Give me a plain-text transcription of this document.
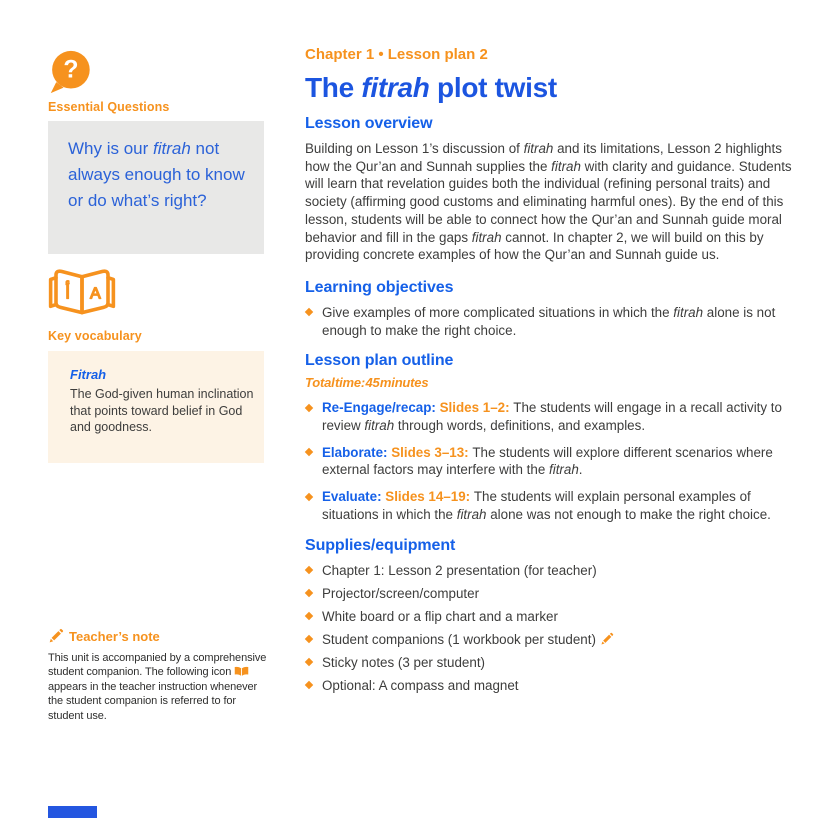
?
Essential Questions

Why is our fitrah not always enough to know or do what’s right?

أ A
Key vocabulary
Fitrah

The God-given human inclination that points toward belief in God and goodness.

Teacher’s note

This unit is accompanied by a comprehensive student companion. The following icon  appears in the teacher instruction whenever the student companion is referred to for student use.

Chapter 1 • Lesson plan 2
The fitrah plot twist
Lesson overview

Building on Lesson 1’s discussion of fitrah and its limitations, Lesson 2 highlights how the Qur’an and Sunnah supplies the fitrah with clarity and guidance. Students will learn that revelation guides both the individual (refining personal traits) and society (affirming good customs and eliminating harmful ones). By the end of this lesson, students will be able to connect how the Qur’an and Sunnah guide moral behavior and fill in the gaps fitrah cannot. In chapter 2, we will build on this by providing concrete examples of how the Qur’an and Sunnah guide us.

Learning objectives
Give examples of more complicated situations in which the fitrah alone is not enough to make the right choice.
Lesson plan outline
Total time: 45 minutes
Re-Engage/recap: Slides 1–2: The students will engage in a recall activity to review fitrah through words, definitions, and examples.
Elaborate: Slides 3–13: The students will explore different scenarios where external factors may interfere with the fitrah.
Evaluate: Slides 14–19: The students will explain personal examples of situations in which the fitrah alone was not enough to make the right choice.
Supplies/equipment
Chapter 1: Lesson 2 presentation (for teacher)
Projector/screen/computer
White board or a flip chart and a marker
Student companions (1 workbook per student)
Sticky notes (3 per student)
Optional: A compass and magnet
